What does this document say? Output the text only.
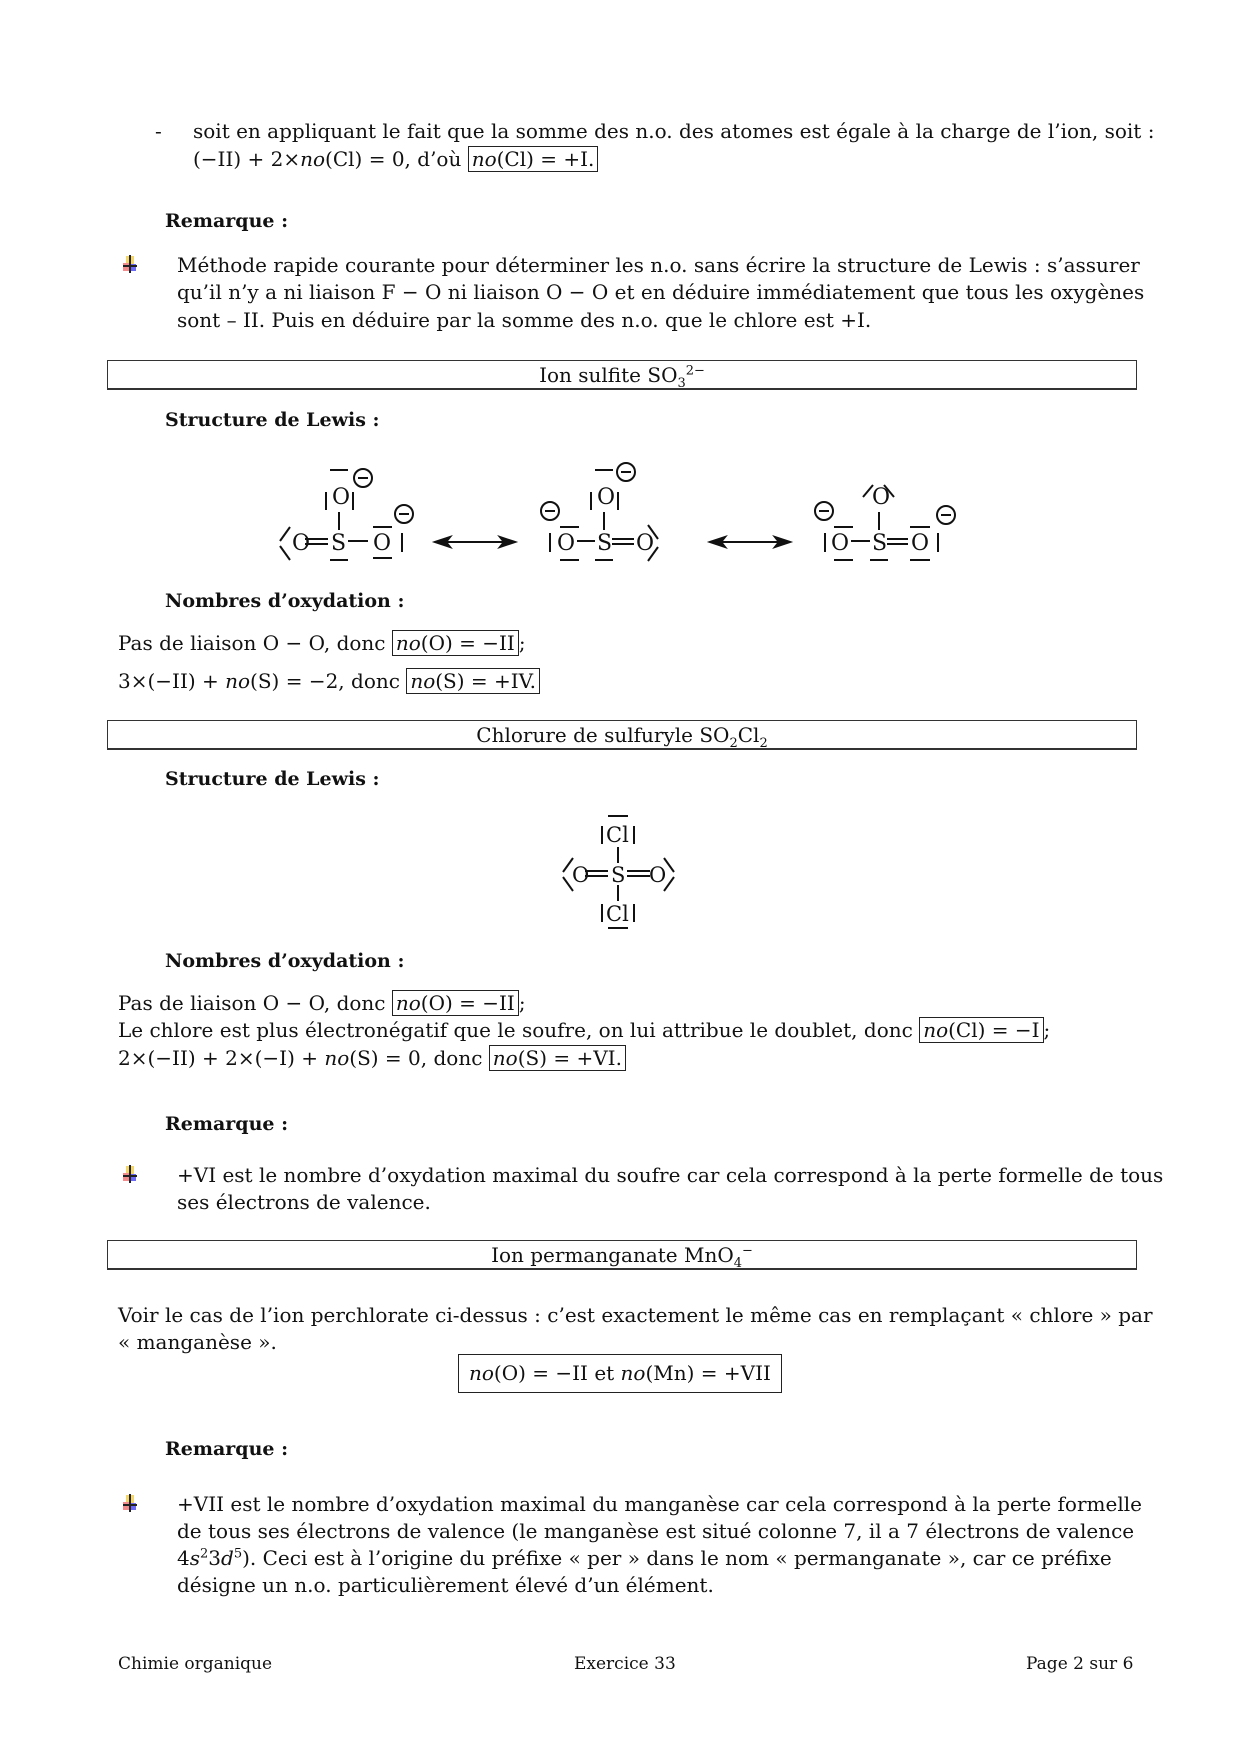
- soit en appliquant le fait que la somme des n.o. des atomes est égale à la charge de l’ion, soit :
(−II) + 2×no(Cl) = 0, d’où no(Cl) = +I.
Remarque :
Méthode rapide courante pour déterminer les n.o. sans écrire la structure de Lewis : s’assurer
qu’il n’y a ni liaison F − O ni liaison O − O et en déduire immédiatement que tous les oxygènes
sont – II. Puis en déduire par la somme des n.o. que le chlore est +I.
Ion sulfite $SO_3^{2-}$
Structure de Lewis :
O
O S O
O
O S O
O
O S O
Nombres d’oxydation :
Pas de liaison O − O, donc no(O) = −II ;
3×(−II) + no(S) = −2, donc no(S) = +IV.
Chlorure de sulfuryle $SO_2Cl_2$
Structure de Lewis :
Cl
O S O
Cl
Nombres d’oxydation :
Pas de liaison O − O, donc no(O) = −II ;
Le chlore est plus électronégatif que le soufre, on lui attribue le doublet, donc no(Cl) = −I ;
2×(−II) + 2×(−I) + no(S) = 0, donc no(S) = +VI.
Remarque :
+VI est le nombre d’oxydation maximal du soufre car cela correspond à la perte formelle de tous
ses électrons de valence.
Ion permanganate MnO$_4$−
Voir le cas de l’ion perchlorate ci-dessus : c’est exactement le même cas en remplaçant « chlore » par
« manganèse ».
no(O) = −II et no(Mn) = +VII
Remarque :
+VII est le nombre d’oxydation maximal du manganèse car cela correspond à la perte formelle
de tous ses électrons de valence (le manganèse est situé colonne 7, il a 7 électrons de valence
$4s^23d^5$). Ceci est à l’origine du préfixe « per » dans le nom « permanganate », car ce préfixe
désigne un n.o. particulièrement élevé d’un élément.
Chimie organique	Exercice 33	Page 2 sur 6
